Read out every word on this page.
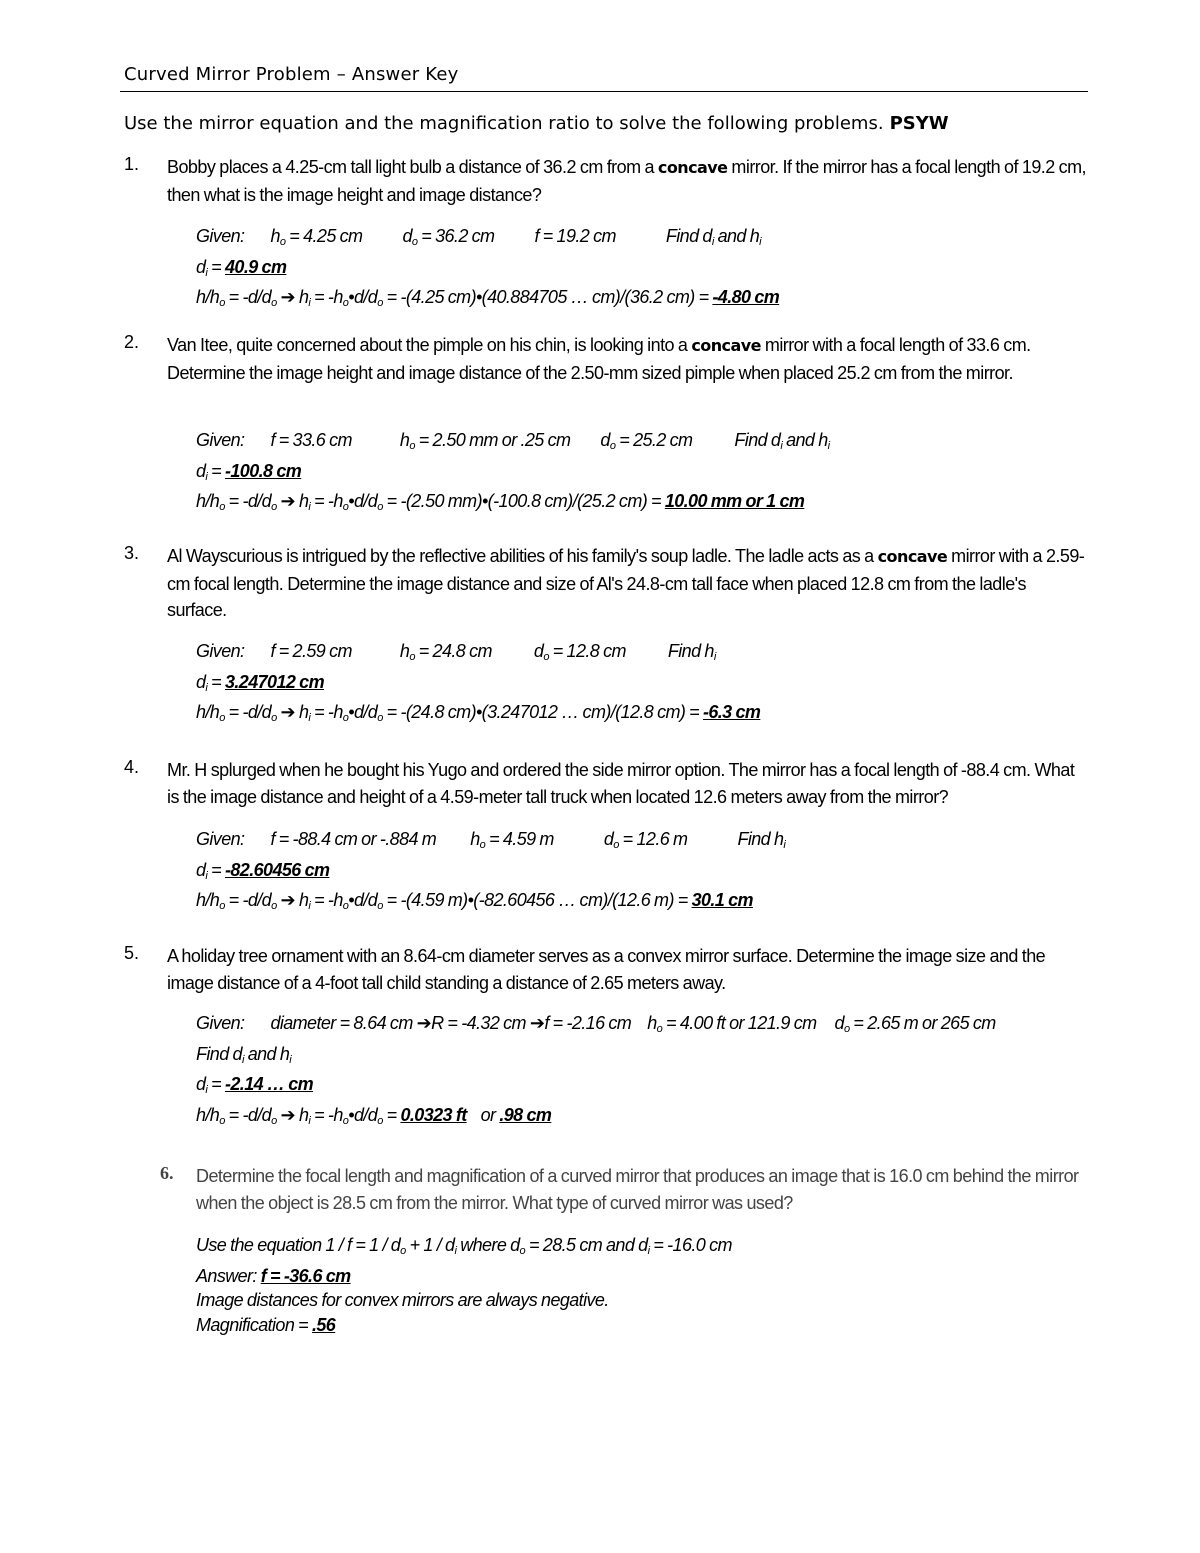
Curved Mirror Problem – Answer Key
Use the mirror equation and the magnification ratio to solve the following problems. PSYW
1. Bobby places a 4.25-cm tall light bulb a distance of 36.2 cm from a concave mirror. If the mirror has a focal length of 19.2 cm, then what is the image height and image distance?
Given: $h_o = 4.25$ cm $d_o = 36.2$ cm f = 19.2 cm	Find $d_i$ and $h_i$
$d_i = 40.9$ cm
$h/h_o = -d/d_o$ ➔ $h_i$ = $-h_o•d/d_o = -(4.25$ cm)•(40.884705 … cm)/(36.2 cm) = -4.80 cm
2. Van Itee, quite concerned about the pimple on his chin, is looking into a concave mirror with a focal length of 33.6 cm. Determine the image height and image distance of the 2.50-mm sized pimple when placed 25.2 cm from the mirror.
Given: f = 33.6 cm	$h_o = 2.50$ mm or .25 cm $d_o = 25.2$ cm Find $d_i$ and $h_i$
$d_i = -100.8$ cm
$h/h_o = -d/d_o$ ➔ $h_i$ = $-h_o•d/d_o = -(2.50$ mm)•(-100.8 cm)/(25.2 cm) = 10.00 mm or 1 cm
3. Al Wayscurious is intrigued by the reflective abilities of his family's soup ladle. The ladle acts as a concave mirror with a 2.59-cm focal length. Determine the image distance and size of Al's 24.8-cm tall face when placed 12.8 cm from the ladle's surface.
Given: f = 2.59 cm	$h_o = 24.8$ cm $d_o = 12.8$ cm Find $h_i$
$d_i = 3.247012$ cm
$h/h_o = -d/d_o$ ➔ $h_i$ = $-h_o•d/d_o = -(24.8$ cm)•(3.247012 … cm)/(12.8 cm) = -6.3 cm
4. Mr. H splurged when he bought his Yugo and ordered the side mirror option. The mirror has a focal length of -88.4 cm. What is the image distance and height of a 4.59-meter tall truck when located 12.6 meters away from the mirror?
Given: f = -88.4 cm or -.884 m $h_o = 4.59$ m	$d_o = 12.6$ m	Find $h_i$
$d_i = -82.60456$ cm
$h/h_o = -d/d_o$ ➔ $h_i$ = $-h_o•d/d_o = -(4.59$ m)•(-82.60456 … cm)/(12.6 m) = 30.1 cm
5. A holiday tree ornament with an 8.64-cm diameter serves as a convex mirror surface. Determine the image size and the image distance of a 4-foot tall child standing a distance of 2.65 meters away.
Given: diameter = 8.64 cm ➔R = -4.32 cm ➔f = -2.16 cm $h_o = 4.00$ ft or 121.9 cm $d_o = 2.65$ m or 265 cm
Find $d_i$ and $h_i$
$d_i = -2.14$ … cm
$h/h_o = -d/d_o$ ➔ $h_i$ = $-h_o•d/d_o = 0.0323$ ft or .98 cm
6. Determine the focal length and magnification of a curved mirror that produces an image that is 16.0 cm behind the mirror when the object is 28.5 cm from the mirror. What type of curved mirror was used?
Use the equation $1 / f = 1 / d_o + 1 / d_i$ where $d_o = 28.5$ cm and $d_i = -16.0$ cm
Answer: f = -36.6 cm
Image distances for convex mirrors are always negative.
Magnification = .56
